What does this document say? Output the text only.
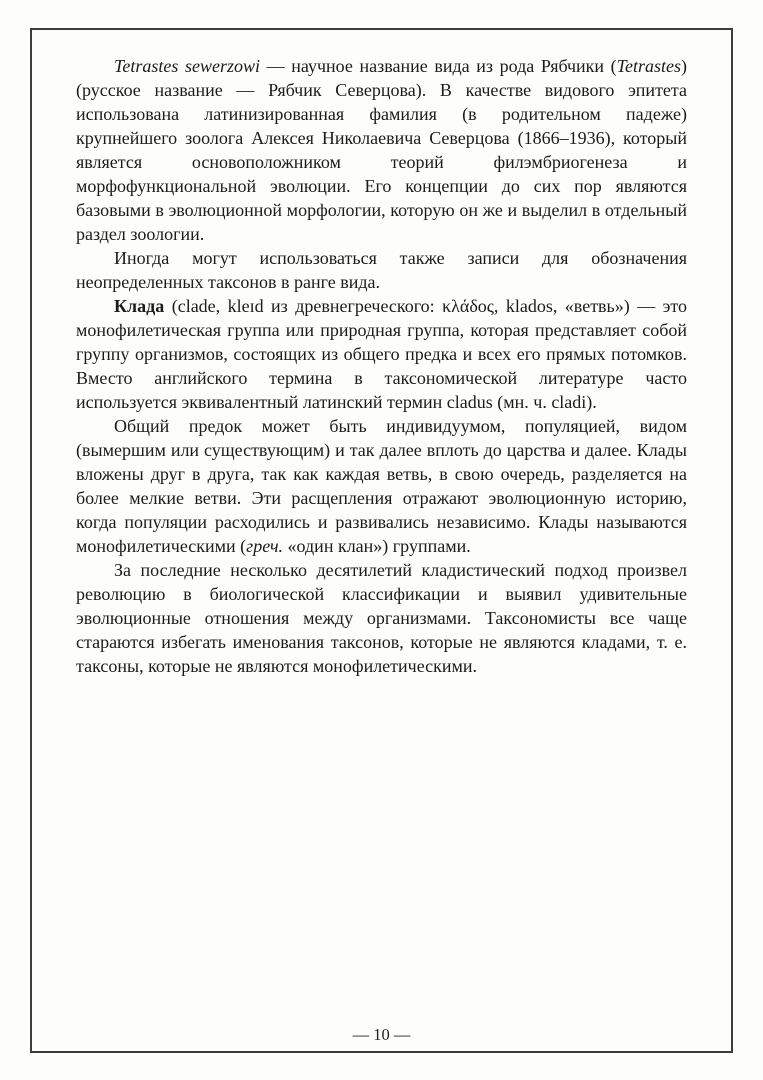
Tetrastes sewerzowi — научное название вида из рода Рябчики (Tetrastes) (русское название — Рябчик Северцова). В качестве видового эпитета использована латинизированная фамилия (в родительном падеже) крупнейшего зоолога Алексея Николаевича Северцова (1866–1936), который является основоположником теорий филэмбриогенеза и морфофункциональной эволюции. Его концепции до сих пор являются базовыми в эволюционной морфологии, которую он же и выделил в отдельный раздел зоологии.

Иногда могут использоваться также записи для обозначения неопределенных таксонов в ранге вида.

Клада (clade, kleɪd из древнегреческого: κλάδος, klados, «ветвь») — это монофилетическая группа или природная группа, которая представляет собой группу организмов, состоящих из общего предка и всех его прямых потомков. Вместо английского термина в таксономической литературе часто используется эквивалентный латинский термин cladus (мн. ч. cladi).

Общий предок может быть индивидуумом, популяцией, видом (вымершим или существующим) и так далее вплоть до царства и далее. Клады вложены друг в друга, так как каждая ветвь, в свою очередь, разделяется на более мелкие ветви. Эти расщепления отражают эволюционную историю, когда популяции расходились и развивались независимо. Клады называются монофилетическими (греч. «один клан») группами.

За последние несколько десятилетий кладистический подход произвел революцию в биологической классификации и выявил удивительные эволюционные отношения между организмами. Таксономисты все чаще стараются избегать именования таксонов, которые не являются кладами, т. е. таксоны, которые не являются монофилетическими.

— 10 —
